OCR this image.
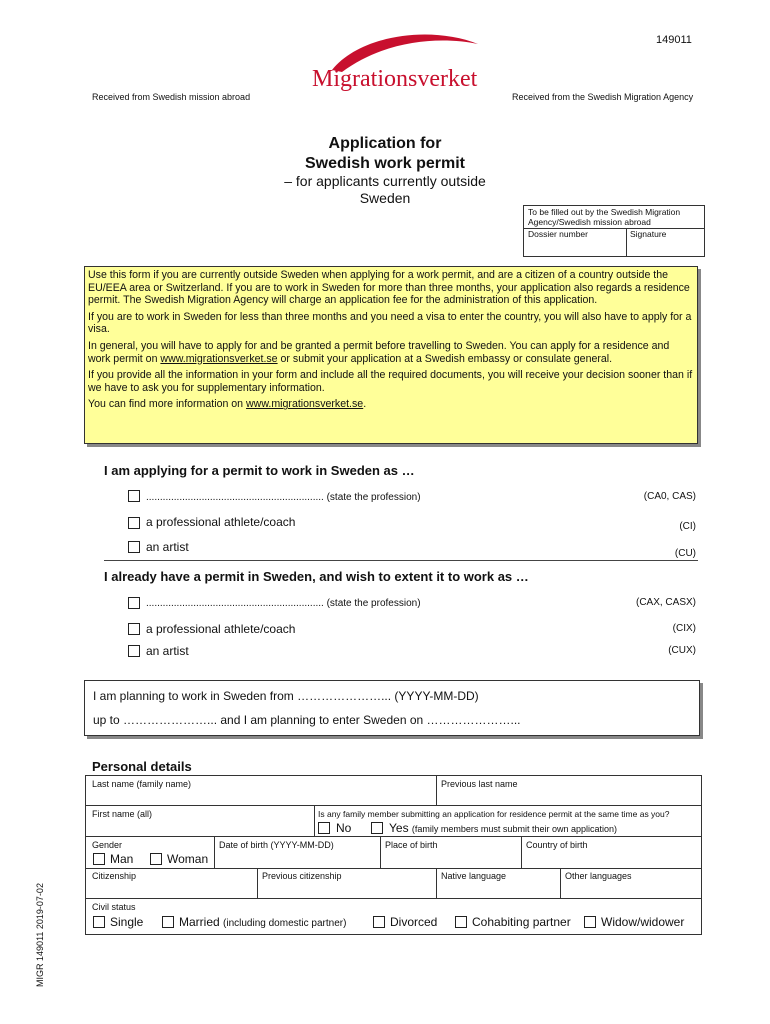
149011
Migrationsverket
Received from Swedish mission abroad	Received from the Swedish Migration Agency
Application for
Swedish work permit
– for applicants currently outside
Sweden
To be filled out by the Swedish Migration Agency/Swedish mission abroad
Dossier number	Signature

Use this form if you are currently outside Sweden when applying for a work permit, and are a citizen of a country outside the EU/EEA area or Switzerland. If you are to work in Sweden for more than three months, your application also regards a residence permit. The Swedish Migration Agency will charge an application fee for the administration of this application.

If you are to work in Sweden for less than three months and you need a visa to enter the country, you will also have to apply for a visa.

In general, you will have to apply for and be granted a permit before travelling to Sweden. You can apply for a residence and work permit on www.migrationsverket.se or submit your application at a Swedish embassy or consulate general.

If you provide all the information in your form and include all the required documents, you will receive your decision sooner than if we have to ask you for supplementary information.

You can find more information on www.migrationsverket.se.

I am applying for a permit to work in Sweden as …
................................................................ (state the profession)	(CA0, CAS)
a professional athlete/coach	(CI)
an artist	(CU)
I already have a permit in Sweden, and wish to extent it to work as …
................................................................ (state the profession)	(CAX, CASX)
a professional athlete/coach	(CIX)
an artist	(CUX)
I am planning to work in Sweden from …………………... (YYYY-MM-DD)
up to …………………... and I am planning to enter Sweden on …………………...
Personal details
Last name (family name)	Previous last name
First name (all)	Is any family member submitting an application for residence permit at the same time as you?
No	Yes (family members must submit their own application)
Gender
Man	Woman
Date of birth (YYYY-MM-DD)	Place of birth	Country of birth
Citizenship	Previous citizenship	Native language	Other languages
Civil status
Single	Married (including domestic partner)	Divorced	Cohabiting partner	Widow/widower
MIGR 149011 2019-07-02
